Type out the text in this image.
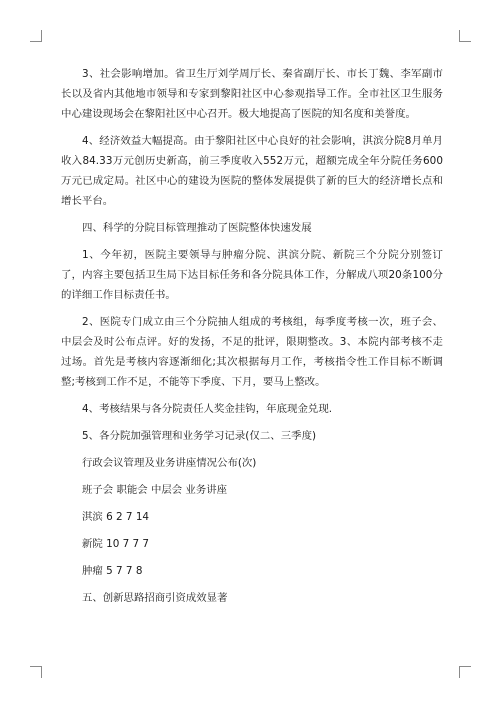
3、社会影响增加。省卫生厅刘学周厅长、秦省副厅长、市长丁魏、李军副市长以及省内其他地市领导和专家到黎阳社区中心参观指导工作。全市社区卫生服务中心建设现场会在黎阳社区中心召开。极大地提高了医院的知名度和美誉度。

4、经济效益大幅提高。由于黎阳社区中心良好的社会影响，淇滨分院8月单月收入84.33万元创历史新高，前三季度收入552万元，超额完成全年分院任务600万元已成定局。社区中心的建设为医院的整体发展提供了新的巨大的经济增长点和增长平台。

四、科学的分院目标管理推动了医院整体快速发展

1、今年初，医院主要领导与肿瘤分院、淇滨分院、新院三个分院分别签订了，内容主要包括卫生局下达目标任务和各分院具体工作，分解成八项20条100分的详细工作目标责任书。

2、医院专门成立由三个分院抽人组成的考核组，每季度考核一次，班子会、中层会及时公布点评。好的发扬，不足的批评，限期整改。3、本院内部考核不走过场。首先是考核内容逐渐细化;其次根据每月工作，考核指令性工作目标不断调整;考核到工作不足，不能等下季度、下月，要马上整改。

4、考核结果与各分院责任人奖金挂钩，年底现金兑现.

5、各分院加强管理和业务学习记录(仅二、三季度)

行政会议管理及业务讲座情况公布(次)

班子会 职能会 中层会 业务讲座

淇滨 6 2 7 14

新院 10 7 7 7

肿瘤 5 7 7 8

五、创新思路招商引资成效显著
